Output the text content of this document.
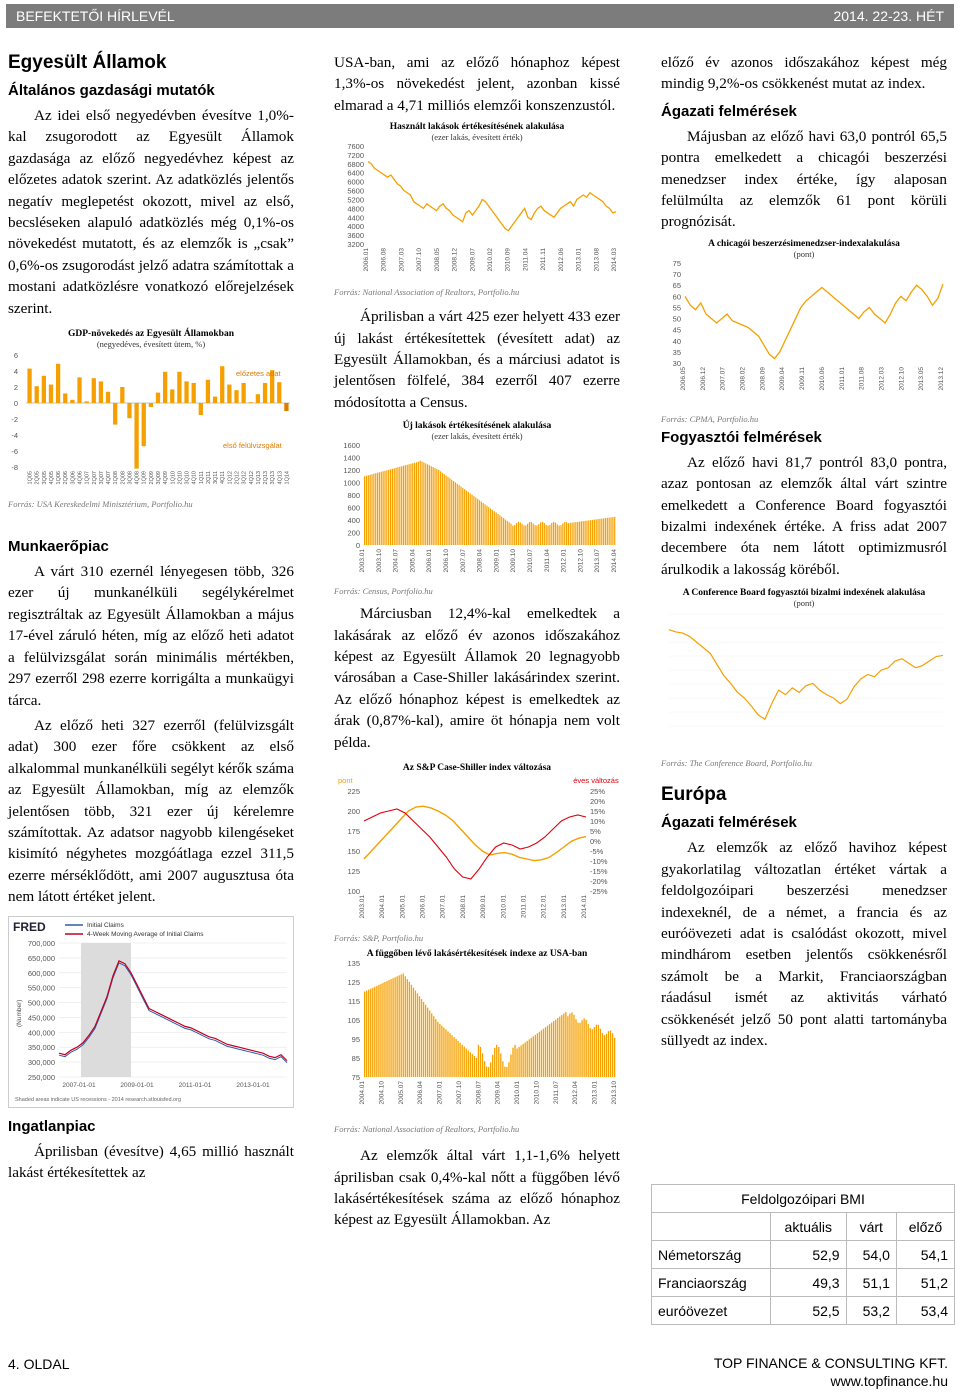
BEFEKTETŐI HÍRLEVÉL	2014. 22-23. HÉT
Egyesült Államok
Általános gazdasági mutatók

Az idei első negyedévben évesítve 1,0%-kal zsugorodott az Egyesült Államok gazdasága az előző negyedévhez képest az előzetes adatok szerint. Az adatközlés jelentős negatív meglepetést okozott, mivel az első, becsléseken alapuló adatközlés még 0,1%-os növekedést mutatott, és az elemzők is „csak” 0,6%-os zsugorodást jelző adatra számítottak a mostani adatközlésre vonatkozó előrejelzések szerint.

GDP-növekedés az Egyesült Államokban
(negyedéves, évesített ütem, %)
6
4
2
0
-2
-4
-6
-8
1Q05 2Q05 3Q05 4Q05 1Q06 2Q06 3Q06 4Q06 1Q07 2Q07 3Q07 4Q07 1Q08 2Q08 3Q08 4Q08 1Q09 2Q09 3Q09 4Q09 1Q10 2Q10 3Q10 4Q10 1Q11 2Q11 3Q11 4Q11 1Q12 2Q12 3Q12 4Q12 1Q13 2Q13 3Q13 4Q13 1Q14
előzetes adat
első felülvizsgálat
Forrás: USA Kereskedelmi Minisztérium, Portfolio.hu
Munkaerőpiac

A várt 310 ezernél lényegesen több, 326 ezer új munkanélküli segélykérelmet regisztráltak az Egyesült Államokban a május 17-ével záruló héten, míg az előző heti adatot a felülvizsgálat során minimális mértékben, 297 ezerről 298 ezerre korrigálta a munkaügyi tárca.

Az előző heti 327 ezerről (felülvizsgált adat) 300 ezer főre csökkent az első alkalommal munkanélküli segélyt kérők száma az Egyesült Államokban, míg az elemzők jelentősen több, 321 ezer új kérelemre számítottak. Az adatsor nagyobb kilengéseket kisimító négyhetes mozgóátlaga ezzel 311,5 ezerre mérséklődött, ami 2007 augusztusa óta nem látott értéket jelent.

FRED	Initial Claims
4-Week Moving Average of Initial Claims
700,000
650,000
600,000
550,000
500,000
450,000
400,000
350,000
300,000
250,000
(Number)
2007-01-01	2009-01-01	2011-01-01	2013-01-01
Shaded areas indicate US recessions - 2014 research.stlouisfed.org
Ingatlanpiac

Áprilisban (évesítve) 4,65 millió használt lakást értékesítettek az

USA-ban, ami az előző hónaphoz képest 1,3%-os növekedést jelent, azonban kissé elmarad a 4,71 milliós elemzői konszenzustól.

Használt lakások értékesítésének alakulása
(ezer lakás, évesített érték)
7600
7200
6800
6400
6000
5600
5200
4800
4400
4000
3600
3200
2006.01 2006.08 2007.03 2007.10 2008.05 2008.12 2009.07 2010.02 2010.09 2011.04 2011.11 2012.06 2013.01 2013.08 2014.03
Forrás: National Association of Realtors, Portfolio.hu

Áprilisban a várt 425 ezer helyett 433 ezer új lakást értékesítettek (évesített adat) az Egyesült Államokban, és a márciusi adatot is jelentősen fölfelé, 384 ezerről 407 ezerre módosította a Census.

Új lakások értékesítésének alakulása
(ezer lakás, évesített érték)
1600
1400
1200
1000
800
600
400
200
0
2003.01 2003.10 2004.07 2005.04 2006.01 2006.10 2007.07 2008.04 2009.01 2009.10 2010.07 2011.04 2012.01 2012.10 2013.07 2014.04
Forrás: Census, Portfolio.hu

Márciusban 12,4%-kal emelkedtek a lakásárak az előző év azonos időszakához képest az Egyesült Államok 20 legnagyobb városában a Case-Shiller lakásárindex szerint. Az előző hónaphoz képest is emelkedtek az árak (0,87%-kal), amire öt hónapja nem volt példa.

Az S&P Case-Shiller index változása
pont	éves változás
225
200
175
150
125
100
25%
20%
15%
10%
5%
0%
-5%
-10%
-15%
-20%
-25%
2003.01 2004.01 2005.01 2006.01 2007.01 2008.01 2009.01 2010.01 2011.01 2012.01 2013.01 2014.01
Forrás: S&P, Portfolio.hu
A függőben lévő lakásértékesítések indexe az USA-ban
135
125
115
105
95
85
75
2004.01 2004.10 2005.07 2006.04 2007.01 2007.10 2008.07 2009.04 2010.01 2010.10 2011.07 2012.04 2013.01 2013.10
Forrás: National Association of Realtors, Portfolio.hu

Az elemzők által várt 1,1-1,6% helyett áprilisban csak 0,4%-kal nőtt a függőben lévő lakásértékesítések száma az előző hónaphoz képest az Egyesült Államokban. Az

előző év azonos időszakához képest még mindig 9,2%-os csökkenést mutat az index.

Ágazati felmérések

Májusban az előző havi 63,0 pontról 65,5 pontra emelkedett a chicagói beszerzési menedzser index értéke, így alaposan felülmúlta az elemzők 61 pont körüli prognózisát.

A chicagói beszerzésimenedzser-indexalakulása
(pont)
75
70
65
60
55
50
45
40
35
30
2006.05 2006.12 2007.07 2008.02 2008.09 2009.04 2009.11 2010.06 2011.01 2011.08 2012.03 2012.10 2013.05 2013.12
Forrás: CPMA, Portfolio.hu
Fogyasztói felmérések

Az előző havi 81,7 pontról 83,0 pontra, azaz pontosan az elemzők által várt szintre emelkedett a Conference Board fogyasztói bizalmi indexének értéke. A friss adat 2007 decembere óta nem látott optimizmusról árulkodik a lakosság köréből.

A Conference Board fogyasztói bizalmi indexének alakulása
(pont)
Forrás: The Conference Board, Portfolio.hu
Európa
Ágazati felmérések

Az elemzők az előző havihoz képest gyakorlatilag változatlan értéket vártak a feldolgozóipari beszerzési menedzser indexeknél, de a német, a francia és az euróövezeti adat is csalódást okozott, mivel mindhárom esetben jelentős csökkenésről számolt be a Markit, Franciaországban ráadásul ismét az aktivitás várható csökkenését jelző 50 pont alatti tartományba süllyedt az index.

Feldolgozóipari BMI			
	aktuális	várt	előző
Németország	52,9	54,0	54,1
Franciaország	49,3	51,1	51,2
euróövezet	52,5	53,2	53,4
4. OLDAL	TOP FINANCE & CONSULTING KFT.
www.topfinance.hu
